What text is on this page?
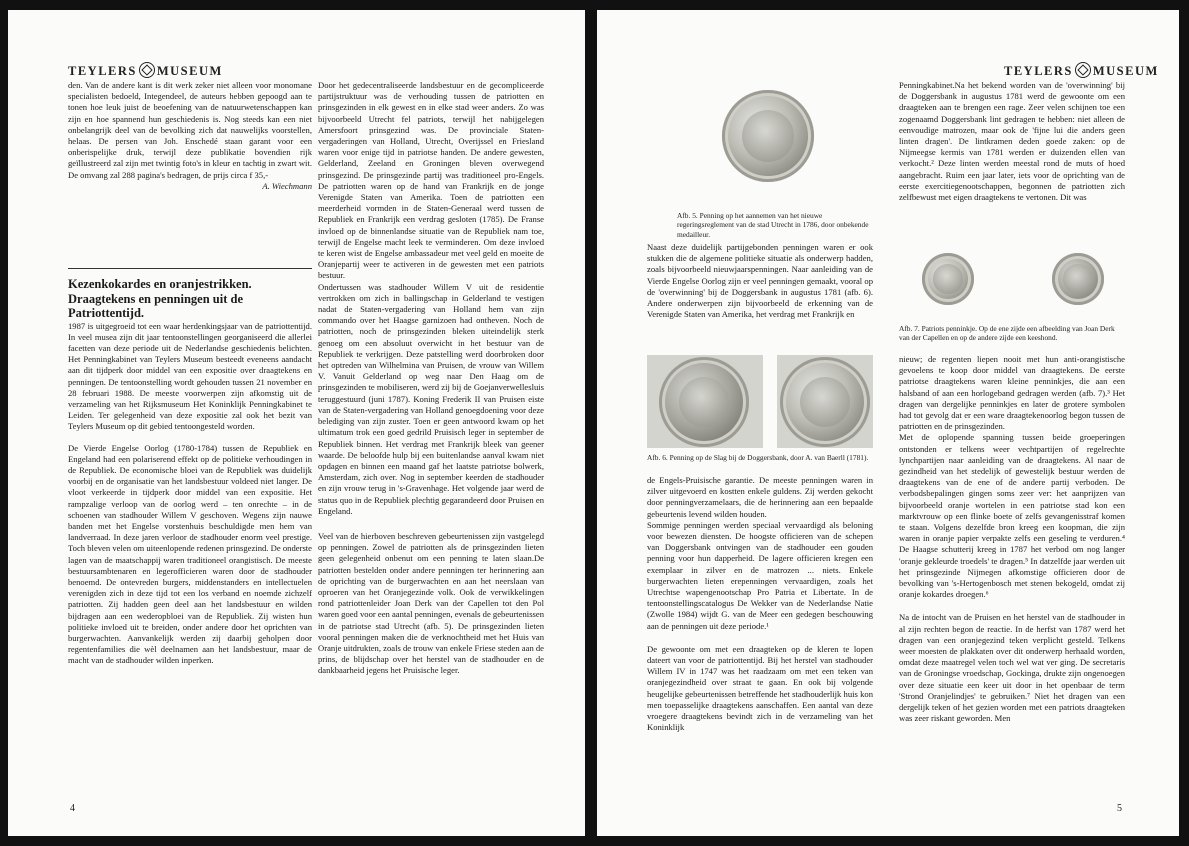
TEYLERS MUSEUM

den. Van de andere kant is dit werk zeker niet alleen voor monomane specialisten bedoeld, Integendeel, de auteurs hebben gepoogd aan te tonen hoe leuk juist de beoefening van de natuurwetenschappen kan zijn en hoe spannend hun geschiedenis is. Nog steeds kan een niet onbelangrijk deel van de bevolking zich dat nauwelijks voorstellen, helaas. De persen van Joh. Enschedé staan garant voor een onberispelijke druk, terwijl deze publikatie bovendien rijk geïllustreerd zal zijn met twintig foto's in kleur en tachtig in zwart wit. De omvang zal 288 pagina's bedragen, de prijs circa f 35,-

A. Wiechmann

Kezenkokardes en oranjestrikken. Draagtekens en penningen uit de Patriottentijd.

1987 is uitgegroeid tot een waar herdenkingsjaar van de patriottentijd. In veel musea zijn dit jaar tentoonstellingen georganiseerd die allerlei facetten van deze periode uit de Nederlandse geschiedenis belichten. Het Penningkabinet van Teylers Museum besteedt eveneens aandacht aan dit tijdperk door middel van een expositie over draagtekens en penningen. De tentoonstelling wordt gehouden tussen 21 november en 28 februari 1988. De meeste voorwerpen zijn afkomstig uit de verzameling van het Rijksmuseum Het Koninklijk Penningkabinet te Leiden. Ter gelegenheid van deze expositie zal ook het bezit van Teylers Museum op dit gebied tentoongesteld worden.

De Vierde Engelse Oorlog (1780-1784) tussen de Republiek en Engeland had een polariserend effekt op de politieke verhoudingen in de Republiek. De economische bloei van de Republiek was duidelijk voorbij en de organisatie van het landsbestuur voldeed niet langer. De vloot verkeerde in tijdperk door middel van een expositie. Het rampzalige verloop van de oorlog werd – ten onrechte – in de schoenen van stadhouder Willem V geschoven. Wegens zijn nauwe banden met het Engelse vorstenhuis beschuldigde men hem van landverraad. In deze jaren verloor de stadhouder enorm veel prestige. Toch bleven velen om uiteenlopende redenen prinsgezind. De onderste lagen van de maatschappij waren traditioneel orangistisch. De meeste bestuursambtenaren en legerofficieren waren door de stadhouder benoemd. De ontevreden burgers, middenstanders en intellectuelen verenigden zich in deze tijd tot een los verband en noemde zichzelf patriotten. Zij hadden geen deel aan het landsbestuur en wilden bijdragen aan een wederopbloei van de Republiek. Zij wisten hun politieke invloed uit te breiden, onder andere door het oprichten van burgerwachten. Aanvankelijk werden zij daarbij geholpen door regentenfamilies die wèl deelnamen aan het landsbestuur, maar de macht van de stadhouder wilden inperken.

Door het gedecentraliseerde landsbestuur en de gecompliceerde partijstruktuur was de verhouding tussen de patriotten en prinsgezinden in elk gewest en in elke stad weer anders. Zo was bijvoorbeeld Utrecht fel patriots, terwijl het nabijgelegen Amersfoort prinsgezind was. De provinciale Staten-vergaderingen van Holland, Utrecht, Overijssel en Friesland waren voor enige tijd in patriotse handen. De andere gewesten, Gelderland, Zeeland en Groningen bleven overwegend prinsgezind. De prinsgezinde partij was traditioneel pro-Engels. De patriotten waren op de hand van Frankrijk en de jonge Verenigde Staten van Amerika. Toen de patriotten een meerderheid vormden in de Staten-Generaal werd tussen de Republiek en Frankrijk een verdrag gesloten (1785). De Franse invloed op de binnenlandse situatie van de Republiek nam toe, terwijl de Engelse macht leek te verminderen. Om deze invloed te keren wist de Engelse ambassadeur met veel geld en moeite de Oranjepartij weer te activeren in de gewesten met een patriots bestuur.

Ondertussen was stadhouder Willem V uit de residentie vertrokken om zich in ballingschap in Gelderland te vestigen nadat de Staten-vergadering van Holland hem van zijn commando over het Haagse garnizoen had ontheven. Noch de patriotten, noch de prinsgezinden bleken uiteindelijk sterk genoeg om een absoluut overwicht in het bestuur van de Republiek te verkrijgen. Deze patstelling werd doorbroken door het optreden van Wilhelmina van Pruisen, de vrouw van Willem V. Vanuit Gelderland op weg naar Den Haag om de prinsgezinden te mobiliseren, werd zij bij de Goejanverwellesluis teruggestuurd (juni 1787). Koning Frederik II van Pruisen eiste van de Staten-vergadering van Holland genoegdoening voor deze belediging van zijn zuster. Toen er geen antwoord kwam op het ultimatum trok een goed gedrild Pruisisch leger in september de Republiek binnen. Het verdrag met Frankrijk bleek van geener waarde. De beloofde hulp bij een buitenlandse aanval kwam niet opdagen en binnen een maand gaf het laatste patriotse bolwerk, Amsterdam, zich over. Nog in september keerden de stadhouder en zijn vrouw terug in 's-Gravenhage. Het volgende jaar werd de status quo in de Republiek plechtig gegarandeerd door Pruisen en Engeland.

Veel van de hierboven beschreven gebeurtenissen zijn vastgelegd op penningen. Zowel de patriotten als de prinsgezinden lieten geen gelegenheid onbenut om een penning te laten slaan.De patriotten bestelden onder andere penningen ter herinnering aan de oprichting van de burgerwachten en aan het neerslaan van oproeren van het Oranjegezinde volk. Ook de verwikkelingen rond patriottenleider Joan Derk van der Capellen tot den Pol waren goed voor een aantal penningen, evenals de gebeurtenissen in de patriotse stad Utrecht (afb. 5). De prinsgezinden lieten vooral penningen maken die de verknochtheid met het Huis van Oranje uitdrukten, zoals de trouw van enkele Friese steden aan de prins, de blijdschap over het herstel van de stadhouder en de dankbaarheid jegens het Pruisische leger.

4
TEYLERS MUSEUM
Afb. 5. Penning op het aannemen van het nieuwe regeringsreglement van de stad Utrecht in 1786, door onbekende medailleur.

Naast deze duidelijk partijgebonden penningen waren er ook stukken die de algemene politieke situatie als onderwerp hadden, zoals bijvoorbeeld nieuwjaarspenningen. Naar aanleiding van de Vierde Engelse Oorlog zijn er veel penningen gemaakt, vooral op de 'overwinning' bij de Doggersbank in augustus 1781 (afb. 6). Andere onderwerpen zijn bijvoorbeeld de erkenning van de Verenigde Staten van Amerika, het verdrag met Frankrijk en

Afb. 6. Penning op de Slag bij de Doggersbank, door A. van Baerll (1781).

de Engels-Pruisische garantie. De meeste penningen waren in zilver uitgevoerd en kostten enkele guldens. Zij werden gekocht door penningverzamelaars, die de herinnering aan een bepaalde gebeurtenis levend wilden houden.

Sommige penningen werden speciaal vervaardigd als beloning voor bewezen diensten. De hoogste officieren van de schepen van Doggersbank ontvingen van de stadhouder een gouden penning voor hun dapperheid. De lagere officieren kregen een exemplaar in zilver en de matrozen ... niets. Enkele burgerwachten lieten erepenningen vervaardigen, zoals het Utrechtse wapengenootschap Pro Patria et Libertate. In de tentoonstellingscatalogus De Wekker van de Nederlandse Natie (Zwolle 1984) wijdt G. van de Meer een gedegen beschouwing aan de penningen uit deze periode.¹

De gewoonte om met een draagteken op de kleren te lopen dateert van voor de patriottentijd. Bij het herstel van stadhouder Willem IV in 1747 was het raadzaam om met een teken van oranjegezindheid over straat te gaan. En ook bij volgende heugelijke gebeurtenissen betreffende het stadhouderlijk huis kon men toepasselijke draagtekens aanschaffen. Een aantal van deze vroegere draagtekens bevindt zich in de verzameling van het Koninklijk

Penningkabinet.Na het bekend worden van de 'overwinning' bij de Doggersbank in augustus 1781 werd de gewoonte om een draagteken aan te brengen een rage. Zeer velen schijnen toe een zogenaamd Doggersbank lint gedragen te hebben: niet alleen de eenvoudige matrozen, maar ook de 'fijne lui die anders geen linten dragen'. De lintkramen deden goede zaken: op de Nijmeegse kermis van 1781 werden er duizenden ellen van verkocht.² Deze linten werden meestal rond de muts of hoed aangebracht. Ruim een jaar later, iets voor de oprichting van de eerste exercitiegenootschappen, begonnen de patriotten zich zelfbewust met eigen draagtekens te vertonen. Dit was

Afb. 7. Patriots penninkje. Op de ene zijde een afbeelding van Joan Derk van der Capellen en op de andere zijde een keeshond.

nieuw; de regenten liepen nooit met hun anti-orangistische gevoelens te koop door middel van draagtekens. De eerste patriotse draagtekens waren kleine penninkjes, die aan een halsband of aan een horlogeband gedragen werden (afb. 7).³ Het dragen van dergelijke penninkjes en later de grotere symbolen had tot gevolg dat er een ware draagtekenoorlog begon tussen de patriotten en de prinsgezinden.

Met de oplopende spanning tussen beide groeperingen ontstonden er telkens weer vechtpartijen of regelrechte lynchpartijen naar aanleiding van de draagtekens. Al naar de gezindheid van het stedelijk of gewestelijk bestuur werden de draagtekens van de ene of de andere partij verboden. De verbodsbepalingen gingen soms zeer ver: het aanprijzen van bijvoorbeeld oranje wortelen in een patriotse stad kon een marktvrouw op een flinke boete of zelfs gevangenisstraf komen te staan. Volgens dezelfde bron kreeg een koopman, die zijn waren in oranje papier verpakte zelfs een geseling te verduren.⁴ De Haagse schutterij kreeg in 1787 het verbod om nog langer 'oranje gekleurde troedels' te dragen.⁵ In datzelfde jaar werden uit het prinsgezinde Nijmegen afkomstige officieren door de bevolking van 's-Hertogenbosch met stenen bekogeld, omdat zij oranje kokardes droegen.⁶

Na de intocht van de Pruisen en het herstel van de stadhouder in al zijn rechten begon de reactie. In de herfst van 1787 werd het dragen van een oranjegezind teken verplicht gesteld. Telkens weer moesten de plakkaten over dit onderwerp herhaald worden, omdat deze maatregel velen toch wel wat ver ging. De secretaris van de Groningse vroedschap, Gockinga, drukte zijn ongenoegen over deze situatie een keer uit door in het openbaar de term 'Strond Oranjelindjes' te gebruiken.⁷ Niet het dragen van een dergelijk teken of het gezien worden met een patriots draagteken was zeer riskant geworden. Men

5
